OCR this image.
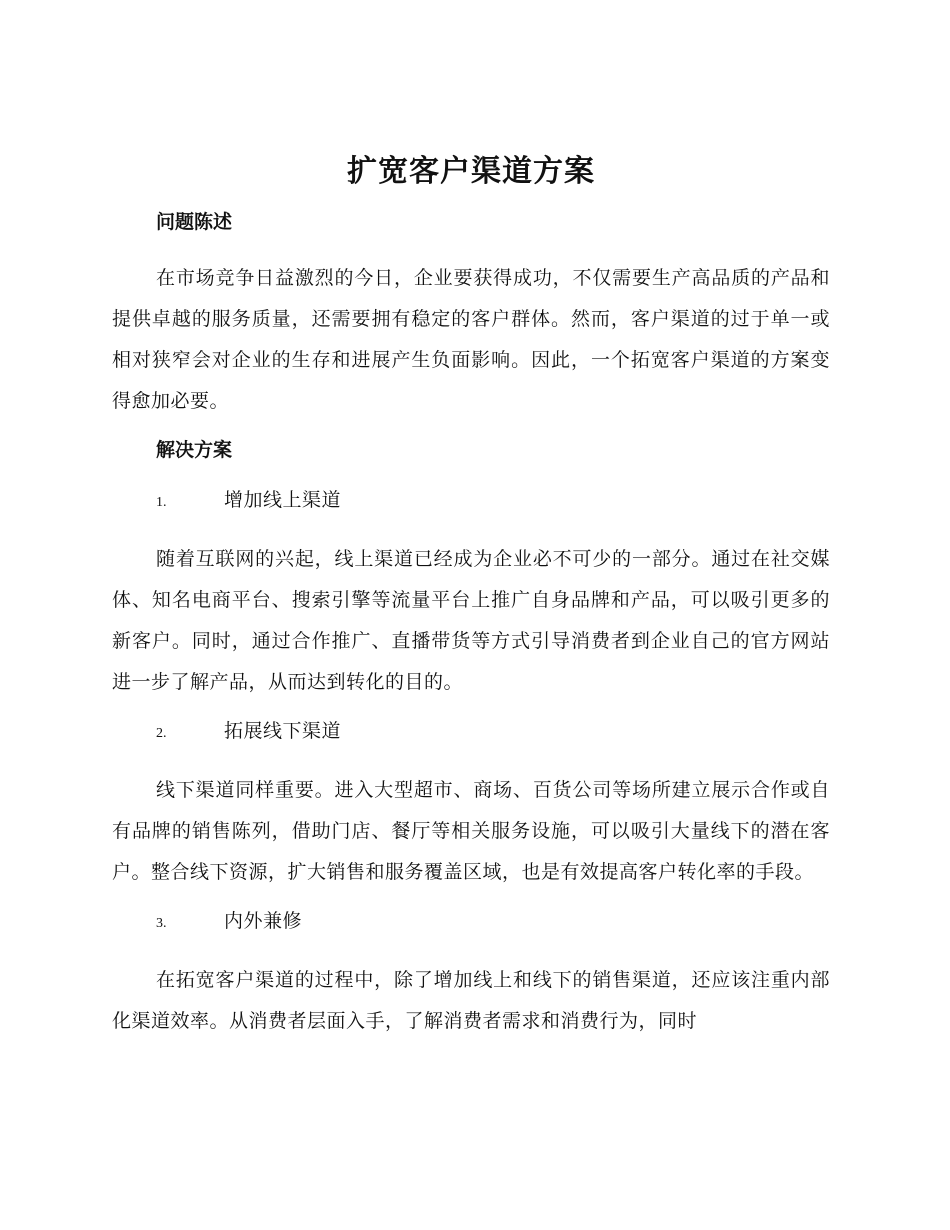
扩宽客户渠道方案
问题陈述

在市场竞争日益激烈的今日，企业要获得成功，不仅需要生产高品质的产品和提供卓越的服务质量，还需要拥有稳定的客户群体。然而，客户渠道的过于单一或相对狭窄会对企业的生存和进展产生负面影响。因此，一个拓宽客户渠道的方案变得愈加必要。

解决方案
1.	增加线上渠道

随着互联网的兴起，线上渠道已经成为企业必不可少的一部分。通过在社交媒体、知名电商平台、搜索引擎等流量平台上推广自身品牌和产品，可以吸引更多的新客户。同时，通过合作推广、直播带货等方式引导消费者到企业自己的官方网站进一步了解产品，从而达到转化的目的。

2.	拓展线下渠道

线下渠道同样重要。进入大型超市、商场、百货公司等场所建立展示合作或自有品牌的销售陈列，借助门店、餐厅等相关服务设施，可以吸引大量线下的潜在客户。整合线下资源，扩大销售和服务覆盖区域，也是有效提高客户转化率的手段。

3.	内外兼修

在拓宽客户渠道的过程中，除了增加线上和线下的销售渠道，还应该注重内部化渠道效率。从消费者层面入手，了解消费者需求和消费行为，同时
